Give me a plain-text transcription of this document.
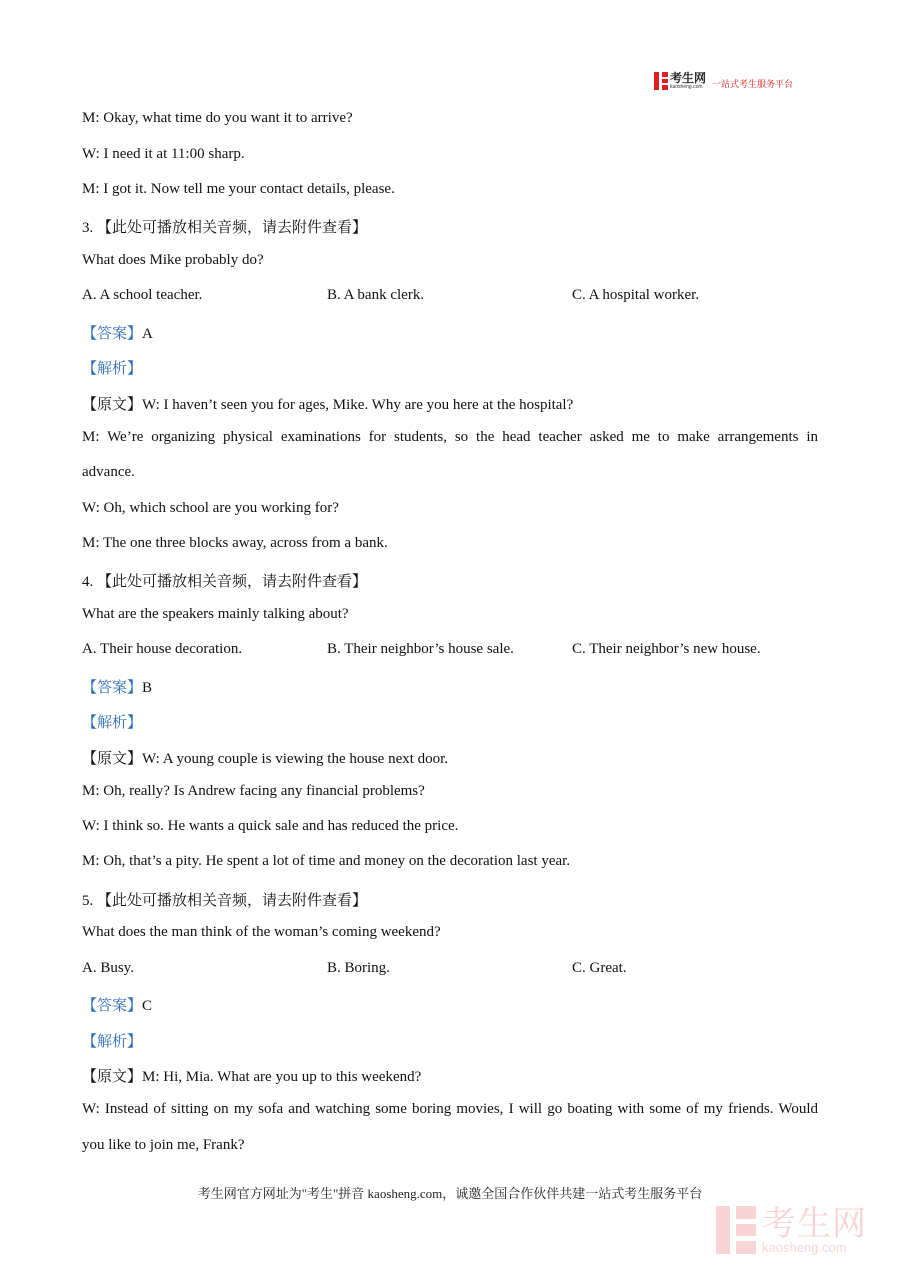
考生网
kaosheng.com	一站式考生服务平台
M: Okay, what time do you want it to arrive?
W: I need it at 11:00 sharp.
M: I got it. Now tell me your contact details, please.
3. 【此处可播放相关音频，请去附件查看】
What does Mike probably do?
A. A school teacher.	B. A bank clerk.	C. A hospital worker.
【答案】A
【解析】
【原文】W: I haven’t seen you for ages, Mike. Why are you here at the hospital?
M: We’re organizing physical examinations for students, so the head teacher asked me to make arrangements in
advance.
W: Oh, which school are you working for?
M: The one three blocks away, across from a bank.
4. 【此处可播放相关音频，请去附件查看】
What are the speakers mainly talking about?
A. Their house decoration.	B. Their neighbor’s house sale.	C. Their neighbor’s new house.
【答案】B
【解析】
【原文】W: A young couple is viewing the house next door.
M: Oh, really? Is Andrew facing any financial problems?
W: I think so. He wants a quick sale and has reduced the price.
M: Oh, that’s a pity. He spent a lot of time and money on the decoration last year.
5. 【此处可播放相关音频，请去附件查看】
What does the man think of the woman’s coming weekend?
A. Busy.	B. Boring.	C. Great.
【答案】C
【解析】
【原文】M: Hi, Mia. What are you up to this weekend?
W: Instead of sitting on my sofa and watching some boring movies, I will go boating with some of my friends. Would
you like to join me, Frank?
考生网官方网址为"考生"拼音 kaosheng.com，诚邀全国合作伙伴共建一站式考生服务平台
考生网
kaosheng.com
